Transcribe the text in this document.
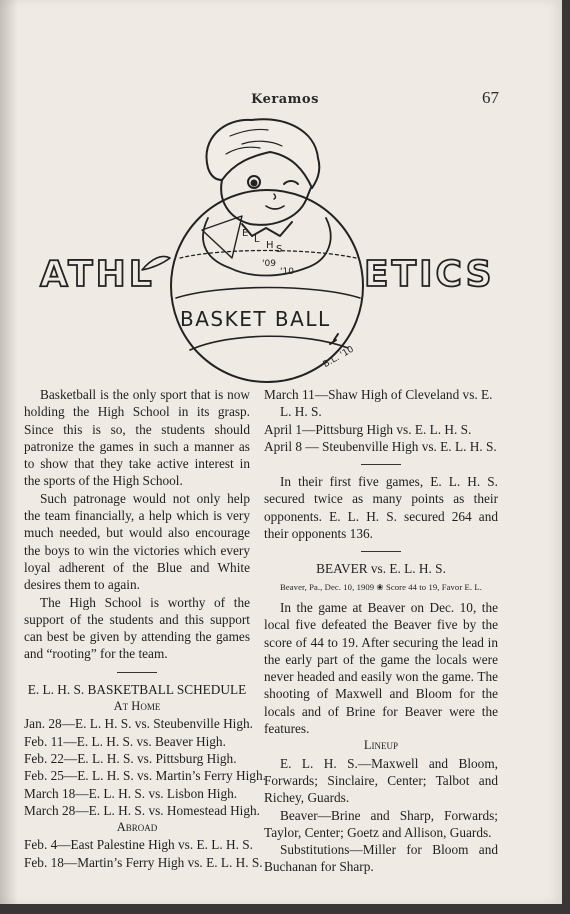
Keramos	67
ATHL	ETICS
BASKET BALL
E
L
H S
'09
'10
B.L. '10

Basketball is the only sport that is now holding the High School in its grasp. Since this is so, the students should patronize the games in such a manner as to show that they take active interest in the sports of the High School.

Such patronage would not only help the team financially, a help which is very much needed, but would also encourage the boys to win the victories which every loyal adherent of the Blue and White desires them to again.

The High School is worthy of the support of the students and this support can best be given by attending the games and “rooting” for the team.

E. L. H. S. BASKETBALL SCHEDULE

At Home

Jan. 28—E. L. H. S. vs. Steubenville High.

Feb. 11—E. L. H. S. vs. Beaver High.

Feb. 22—E. L. H. S. vs. Pittsburg High.

Feb. 25—E. L. H. S. vs. Martin’s Ferry High.

March 18—E. L. H. S. vs. Lisbon High.

March 28—E. L. H. S. vs. Homestead High.

Abroad

Feb. 4—East Palestine High vs. E. L. H. S.

Feb. 18—Martin’s Ferry High vs. E. L. H. S.

March 11—Shaw High of Cleveland vs. E. L. H. S.

April 1—Pittsburg High vs. E. L. H. S.

April 8 — Steubenville High vs. E. L. H. S.

In their first five games, E. L. H. S. secured twice as many points as their opponents. E. L. H. S. secured 264 and their opponents 136.

BEAVER vs. E. L. H. S.

Beaver, Pa., Dec. 10, 1909 ❀ Score 44 to 19, Favor E. L.

In the game at Beaver on Dec. 10, the local five defeated the Beaver five by the score of 44 to 19. After securing the lead in the early part of the game the locals were never headed and easily won the game. The shooting of Maxwell and Bloom for the locals and of Brine for Beaver were the features.

Lineup

E. L. H. S.—Maxwell and Bloom, Forwards; Sinclaire, Center; Talbot and Richey, Guards.

Beaver—Brine and Sharp, Forwards; Taylor, Center; Goetz and Allison, Guards.

Substitutions—Miller for Bloom and Buchanan for Sharp.
